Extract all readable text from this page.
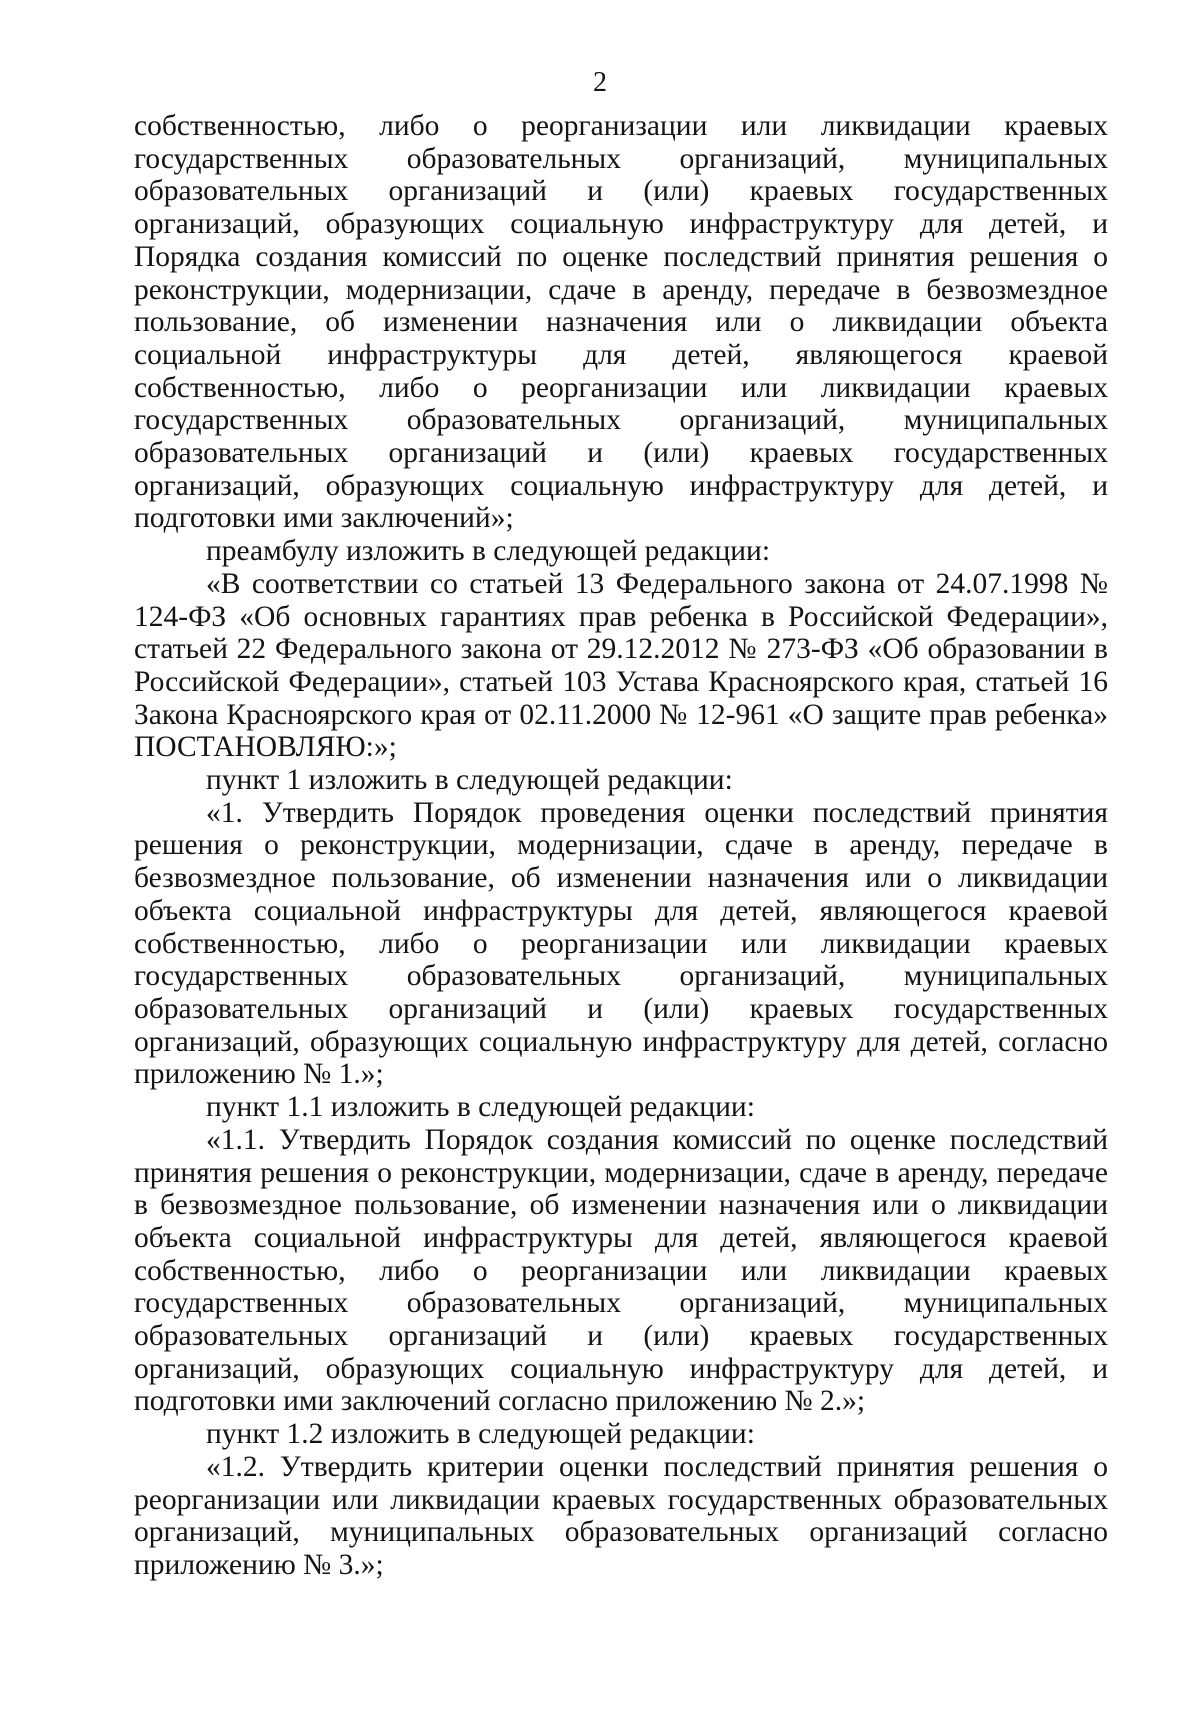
2

собственностью, либо о реорганизации или ликвидации краевых государственных образовательных организаций, муниципальных образовательных организаций и (или) краевых государственных организаций, образующих социальную инфраструктуру для детей, и Порядка создания комиссий по оценке последствий принятия решения о реконструкции, модернизации, сдаче в аренду, передаче в безвозмездное пользование, об изменении назначения или о ликвидации объекта социальной инфраструктуры для детей, являющегося краевой собственностью, либо о реорганизации или ликвидации краевых государственных образовательных организаций, муниципальных образовательных организаций и (или) краевых государственных организаций, образующих социальную инфраструктуру для детей, и подготовки ими заключений»;

преамбулу изложить в следующей редакции:

«В соответствии со статьей 13 Федерального закона от 24.07.1998 № 124-ФЗ «Об основных гарантиях прав ребенка в Российской Федерации», статьей 22 Федерального закона от 29.12.2012 № 273-ФЗ «Об образовании в Российской Федерации», статьей 103 Устава Красноярского края, статьей 16 Закона Красноярского края от 02.11.2000 № 12-961 «О защите прав ребенка» ПОСТАНОВЛЯЮ:»;

пункт 1 изложить в следующей редакции:

«1. Утвердить Порядок проведения оценки последствий принятия решения о реконструкции, модернизации, сдаче в аренду, передаче в безвозмездное пользование, об изменении назначения или о ликвидации объекта социальной инфраструктуры для детей, являющегося краевой собственностью, либо о реорганизации или ликвидации краевых государственных образовательных организаций, муниципальных образовательных организаций и (или) краевых государственных организаций, образующих социальную инфраструктуру для детей, согласно приложению № 1.»;

пункт 1.1 изложить в следующей редакции:

«1.1. Утвердить Порядок создания комиссий по оценке последствий принятия решения о реконструкции, модернизации, сдаче в аренду, передаче в безвозмездное пользование, об изменении назначения или о ликвидации объекта социальной инфраструктуры для детей, являющегося краевой собственностью, либо о реорганизации или ликвидации краевых государственных образовательных организаций, муниципальных образовательных организаций и (или) краевых государственных организаций, образующих социальную инфраструктуру для детей, и подготовки ими заключений согласно приложению № 2.»;

пункт 1.2 изложить в следующей редакции:

«1.2. Утвердить критерии оценки последствий принятия решения о реорганизации или ликвидации краевых государственных образовательных организаций, муниципальных образовательных организаций согласно приложению № 3.»;
